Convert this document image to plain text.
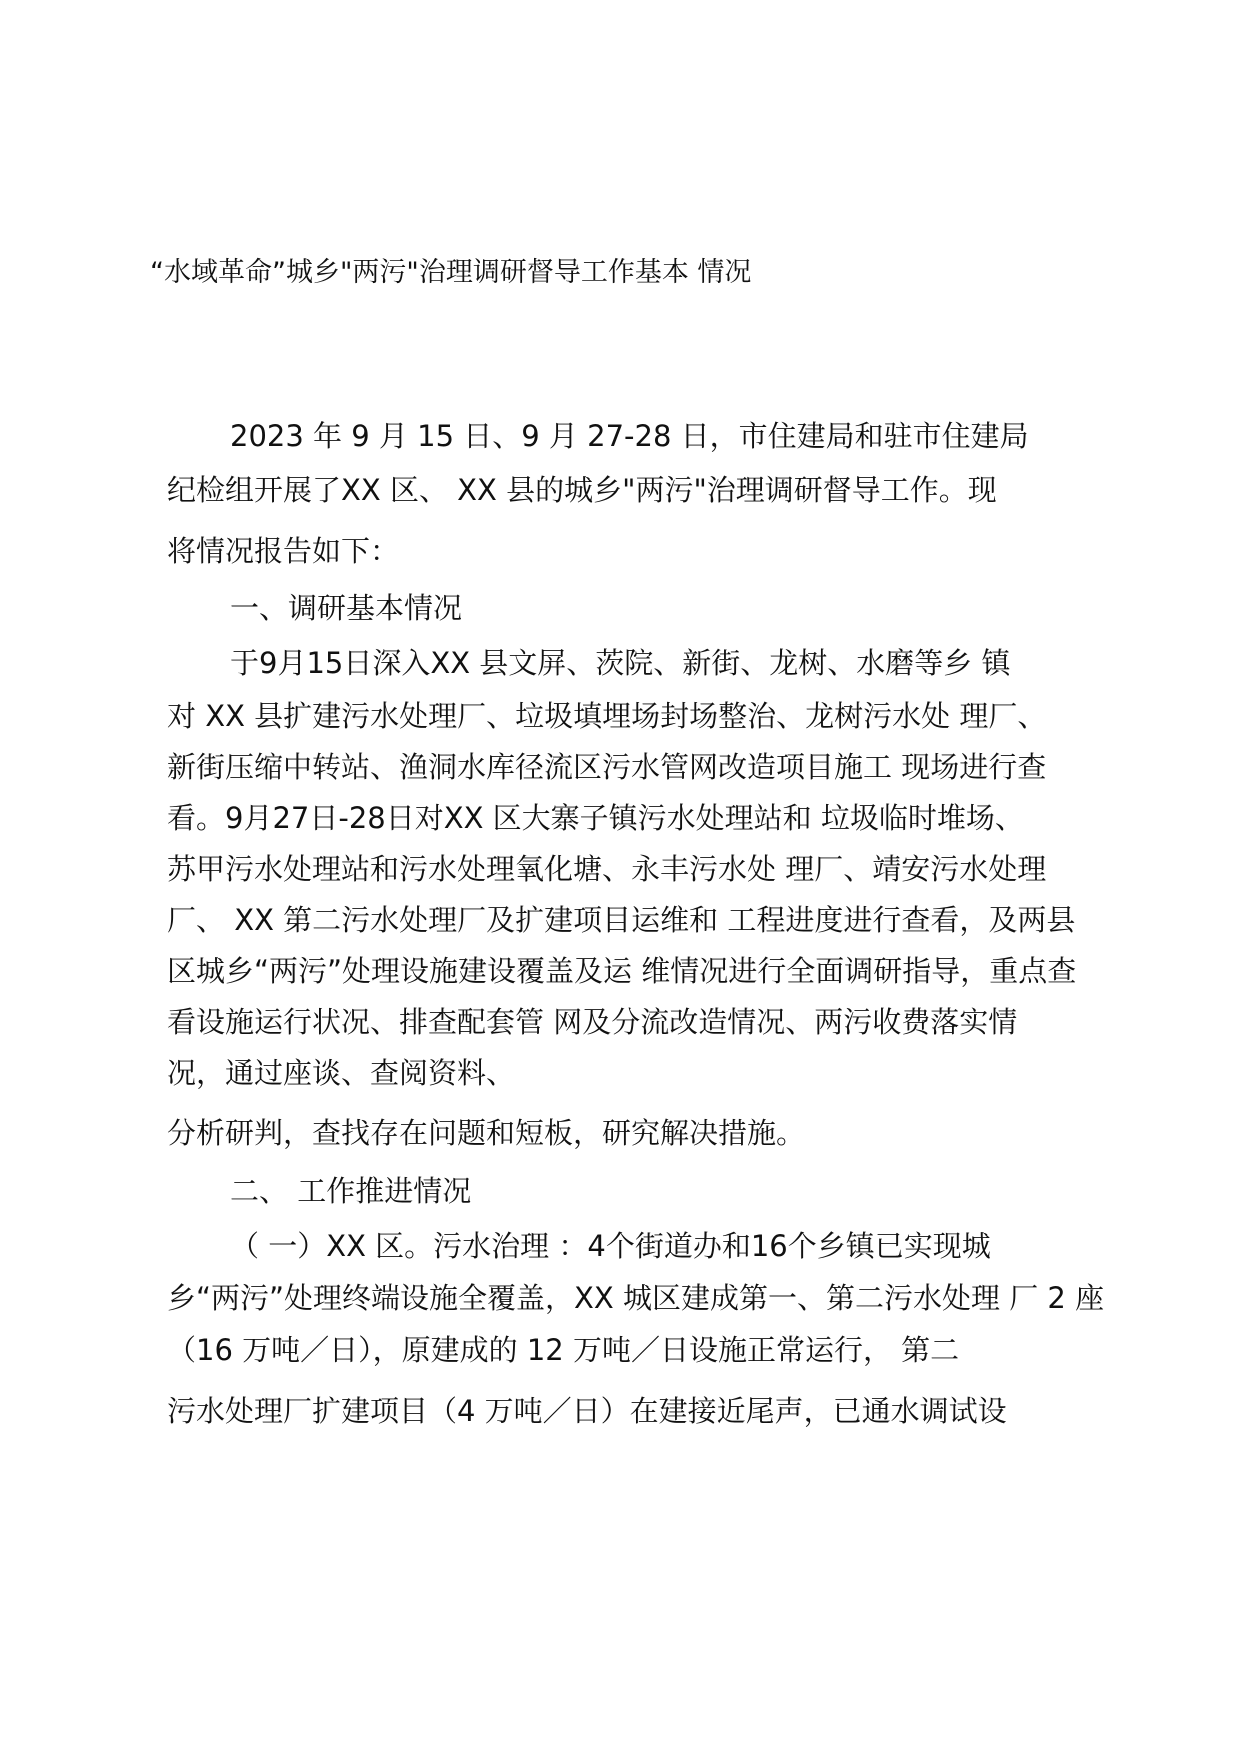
“水域革命”城乡"两污"治理调研督导工作基本 情况
2023 年 9 月 15 日、9 月 27-28 日，市住建局和驻市住建局
纪检组开展了XX 区、 XX 县的城乡"两污"治理调研督导工作。现
将情况报告如下：
一、调研基本情况
于9月15日深入XX 县文屏、茨院、新街、龙树、水磨等乡 镇
对 XX 县扩建污水处理厂、垃圾填埋场封场整治、龙树污水处 理厂、
新街压缩中转站、渔洞水库径流区污水管网改造项目施工 现场进行查
看。9月27日-28日对XX 区大寨子镇污水处理站和 垃圾临时堆场、
苏甲污水处理站和污水处理氧化塘、永丰污水处 理厂、靖安污水处理
厂、 XX 第二污水处理厂及扩建项目运维和 工程进度进行查看，及两县
区城乡“两污”处理设施建设覆盖及运 维情况进行全面调研指导，重点查
看设施运行状况、排查配套管 网及分流改造情况、两污收费落实情
况，通过座谈、查阅资料、
分析研判，查找存在问题和短板，研究解决措施。
二、 工作推进情况
（ 一）XX 区。污水治理 ：4个街道办和16个乡镇已实现城
乡“两污”处理终端设施全覆盖，XX 城区建成第一、第二污水处理 厂 2 座
（16 万吨／日），原建成的 12 万吨／日设施正常运行， 第二
污水处理厂扩建项目（4 万吨／日）在建接近尾声，已通水调试设
